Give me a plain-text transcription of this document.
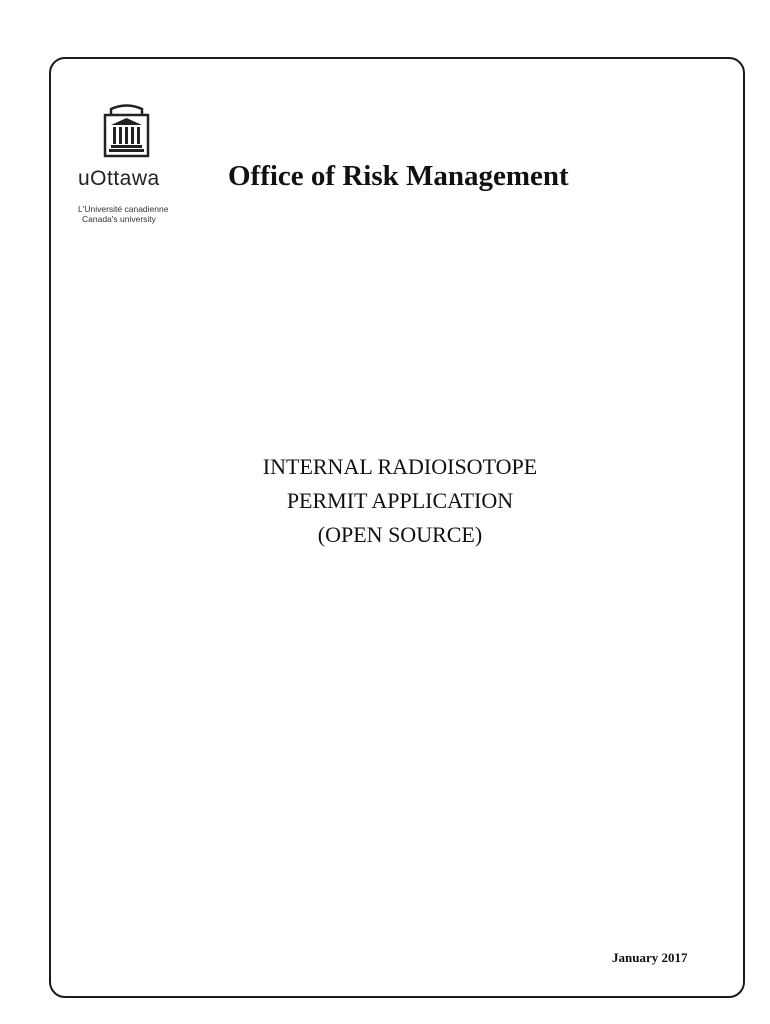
uOttawa
L'Université canadienne
Canada's university
Office of Risk Management
INTERNAL RADIOISOTOPE
PERMIT APPLICATION
(OPEN SOURCE)
January 2017
